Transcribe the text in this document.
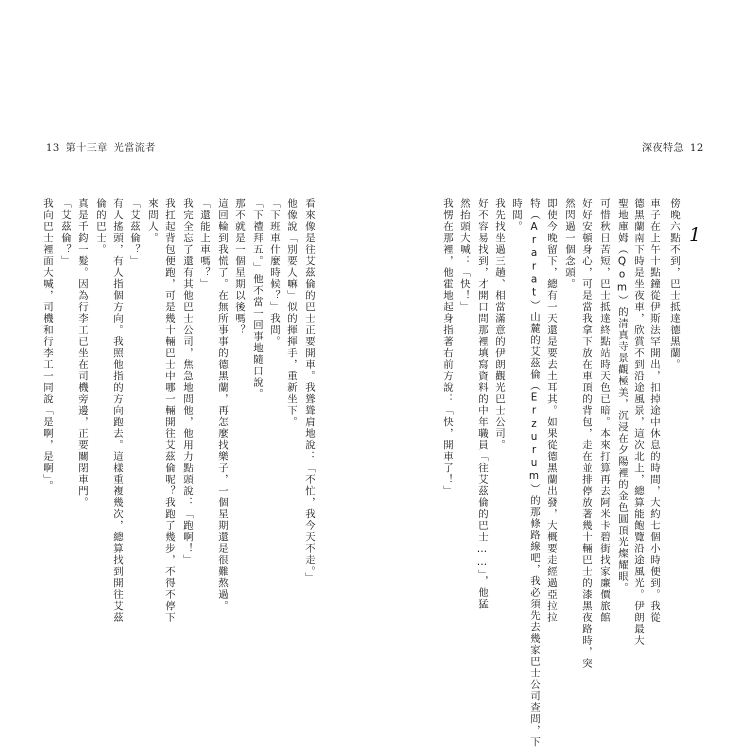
13 第十三章 光當流者	深夜特急 12
1
傍晚六點不到，巴士抵達德黑蘭。
車子在上午十點鐘從伊斯法罕開出，扣掉途中休息的時間，大約七個小時便到。我從
德黑蘭南下時是坐夜車，欣賞不到沿途風景，這次北上，總算能飽覽沿途風光。伊朗最大
聖地庫姆（Qom）的清真寺景觀極美，沉浸在夕陽裡的金色圓頂光燦耀眼。
可惜秋日苦短，巴士抵達終點站時天色已暗。本來打算再去阿米卡碧街找家廉價旅館
好好安頓身心，可是當我拿下放在車頂的背包，走在並排停放著幾十輛巴士的漆黑夜路時，突
然閃過一個念頭。
即使今晚留下，總有一天還是要去土耳其。如果從德黑蘭出發，大概要走經過亞拉拉
特（Ararat）山麓的艾茲倫（Erzurum）的那條路線吧，我必須先去幾家巴士公司查問，下
時間。
我先找坐過三趟、相當滿意的伊朗觀光巴士公司。
好不容易找到，才開口問那裡填寫資料的中年職員「往艾茲倫的巴士……」，他猛
然抬頭大喊：「快！」
我愣在那裡，他霍地起身指著右前方說：「快，開車了！」
看來像是往艾茲倫的巴士正要開車。我聳聳肩地說：「不忙，我今天不走。」
他像說「別要人嘛」似的揮揮手，重新坐下。
「下班車什麼時候？」我問。
「下禮拜五。」他不當一回事地隨口說。
那不就是一個星期以後嗎？
這回輪到我慌了。在無所事事的德黑蘭，再怎麼找樂子，一個星期還是很難熬過。
「還能上車嗎？」
我完全忘了還有其他巴士公司，焦急地問他，他用力點頭說：「跑啊！」
我扛起背包便跑，可是幾十輛巴士中哪一輛開往艾茲倫呢？我跑了幾步，不得不停下
來問人。
「艾茲倫？」
有人搖頭，有人指個方向。我照他指的方向跑去。這樣重複幾次，總算找到開往艾茲
倫的巴士。
真是千鈞一髮。因為行李工已坐在司機旁邊，正要關閉車門。
「艾茲倫？」
我向巴士裡面大喊，司機和行李工一同說「是啊，是啊」。
